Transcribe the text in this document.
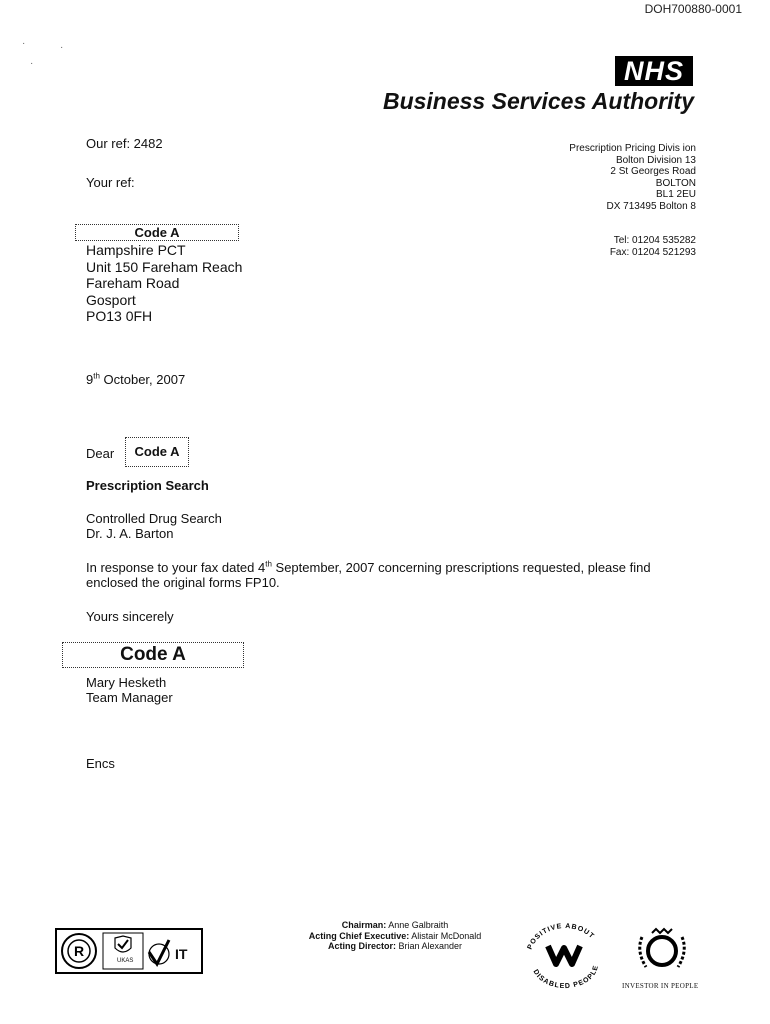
DOH700880-0001
NHS
Business Services Authority
·	·
·
Our ref: 2482
Your ref:
Prescription Pricing Divis ion
Bolton Division 13
2 St Georges Road
BOLTON
BL1 2EU
DX 713495 Bolton 8
Tel: 01204 535282
Fax: 01204 521293
Code A
Hampshire PCT
Unit 150 Fareham Reach
Fareham Road
Gosport
PO13 0FH
9th October, 2007
Dear	Code A
Prescription Search
Controlled Drug Search
Dr. J. A. Barton
In response to your fax dated 4th September, 2007 concerning prescriptions requested, please find enclosed the original forms FP10.
Yours sincerely
Code A
Mary Hesketh
Team Manager
Encs
R
UKAS	IT
Chairman: Anne Galbraith
Acting Chief Executive: Alistair McDonald
Acting Director: Brian Alexander	POSITIVE ABOUT
DISABLED PEOPLE
INVESTOR IN PEOPLE
